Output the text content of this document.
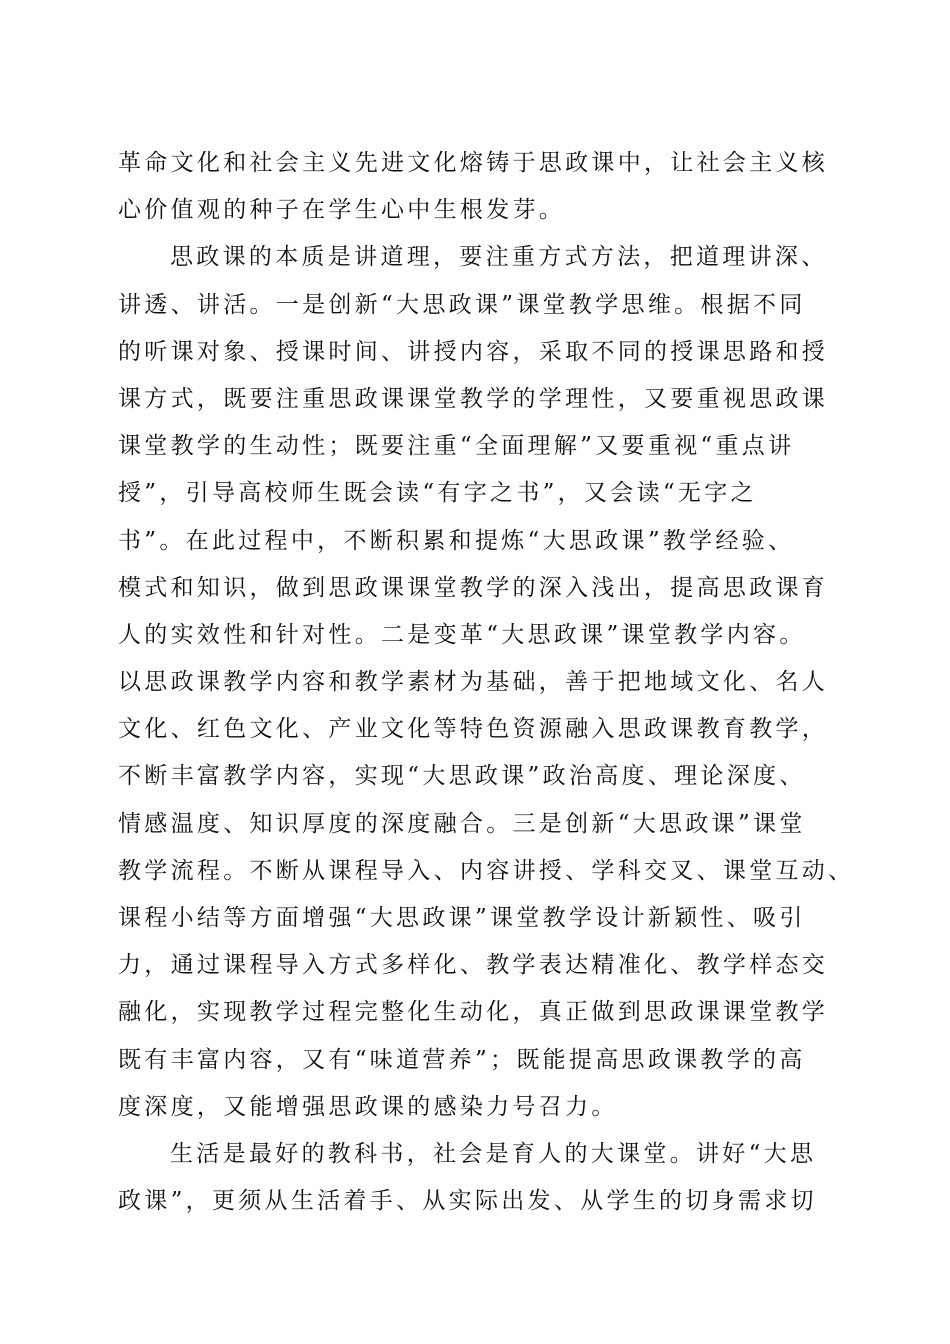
革命文化和社会主义先进文化熔铸于思政课中，让社会主义核
心价值观的种子在学生心中生根发芽。
思政课的本质是讲道理，要注重方式方法，把道理讲深、
讲透、讲活。一是创新“大思政课”课堂教学思维。根据不同
的听课对象、授课时间、讲授内容，采取不同的授课思路和授
课方式，既要注重思政课课堂教学的学理性，又要重视思政课
课堂教学的生动性；既要注重“全面理解”又要重视“重点讲
授”，引导高校师生既会读“有字之书”，又会读“无字之
书”。在此过程中，不断积累和提炼“大思政课”教学经验、
模式和知识，做到思政课课堂教学的深入浅出，提高思政课育
人的实效性和针对性。二是变革“大思政课”课堂教学内容。
以思政课教学内容和教学素材为基础，善于把地域文化、名人
文化、红色文化、产业文化等特色资源融入思政课教育教学，
不断丰富教学内容，实现“大思政课”政治高度、理论深度、
情感温度、知识厚度的深度融合。三是创新“大思政课”课堂
教学流程。不断从课程导入、内容讲授、学科交叉、课堂互动、
课程小结等方面增强“大思政课”课堂教学设计新颖性、吸引
力，通过课程导入方式多样化、教学表达精准化、教学样态交
融化，实现教学过程完整化生动化，真正做到思政课课堂教学
既有丰富内容，又有“味道营养”；既能提高思政课教学的高
度深度，又能增强思政课的感染力号召力。
生活是最好的教科书，社会是育人的大课堂。讲好“大思
政课”，更须从生活着手、从实际出发、从学生的切身需求切
